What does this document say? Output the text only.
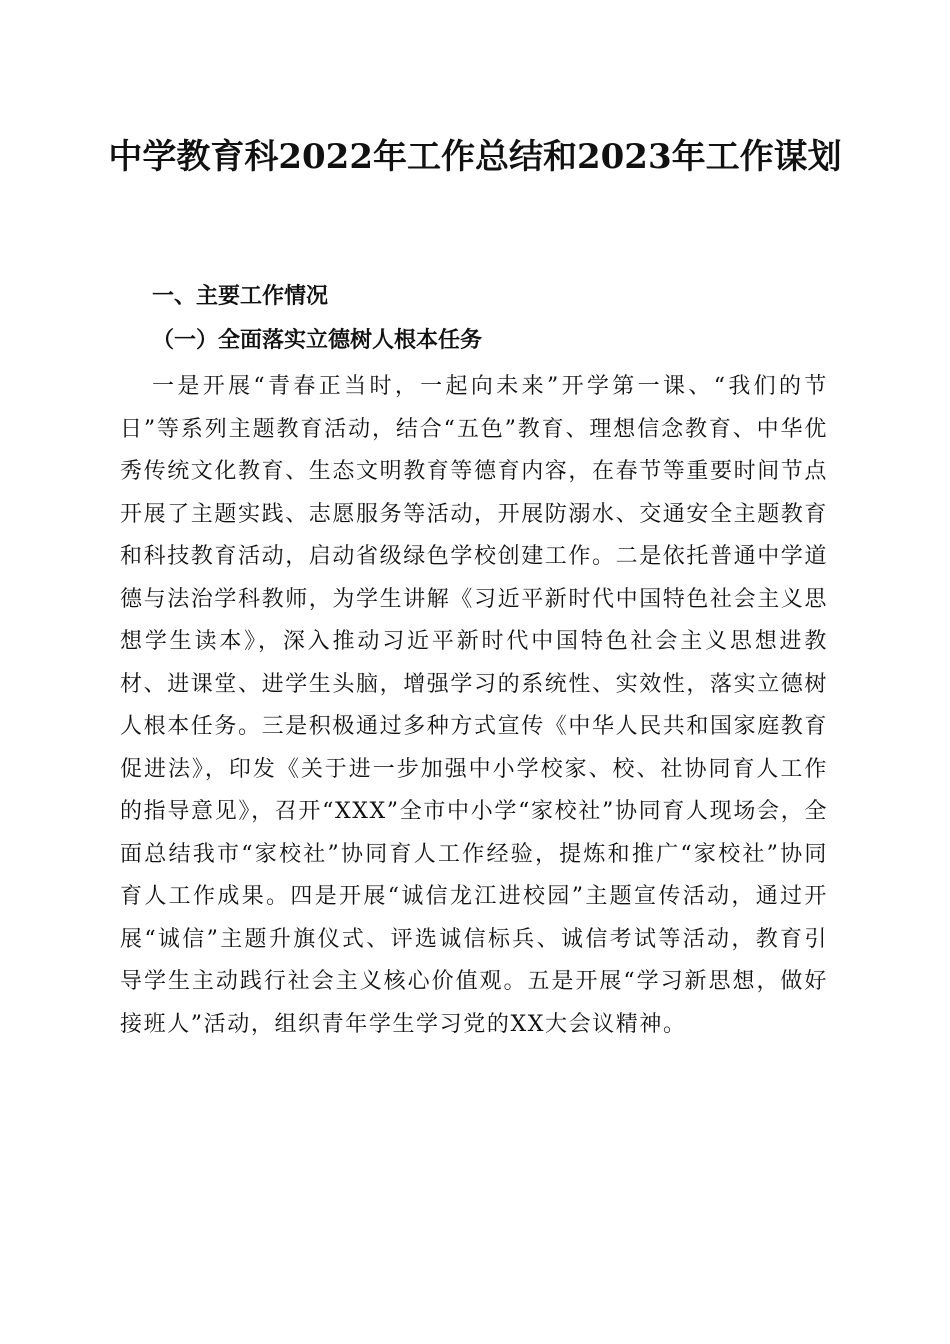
中学教育科2022年工作总结和2023年工作谋划
一、主要工作情况
（一）全面落实立德树人根本任务

一是开展“青春正当时，一起向未来”开学第一课、“我们的节日”等系列主题教育活动，结合“五色”教育、理想信念教育、中华优秀传统文化教育、生态文明教育等德育内容，在春节等重要时间节点开展了主题实践、志愿服务等活动，开展防溺水、交通安全主题教育和科技教育活动，启动省级绿色学校创建工作。二是依托普通中学道德与法治学科教师，为学生讲解《习近平新时代中国特色社会主义思想学生读本》，深入推动习近平新时代中国特色社会主义思想进教材、进课堂、进学生头脑，增强学习的系统性、实效性，落实立德树人根本任务。三是积极通过多种方式宣传《中华人民共和国家庭教育促进法》，印发《关于进一步加强中小学校家、校、社协同育人工作的指导意见》，召开“XXX”全市中小学“家校社”协同育人现场会，全面总结我市“家校社”协同育人工作经验，提炼和推广“家校社”协同育人工作成果。四是开展“诚信龙江进校园”主题宣传活动，通过开展“诚信”主题升旗仪式、评选诚信标兵、诚信考试等活动，教育引导学生主动践行社会主义核心价值观。五是开展“学习新思想，做好接班人”活动，组织青年学生学习党的XX大会议精神。
